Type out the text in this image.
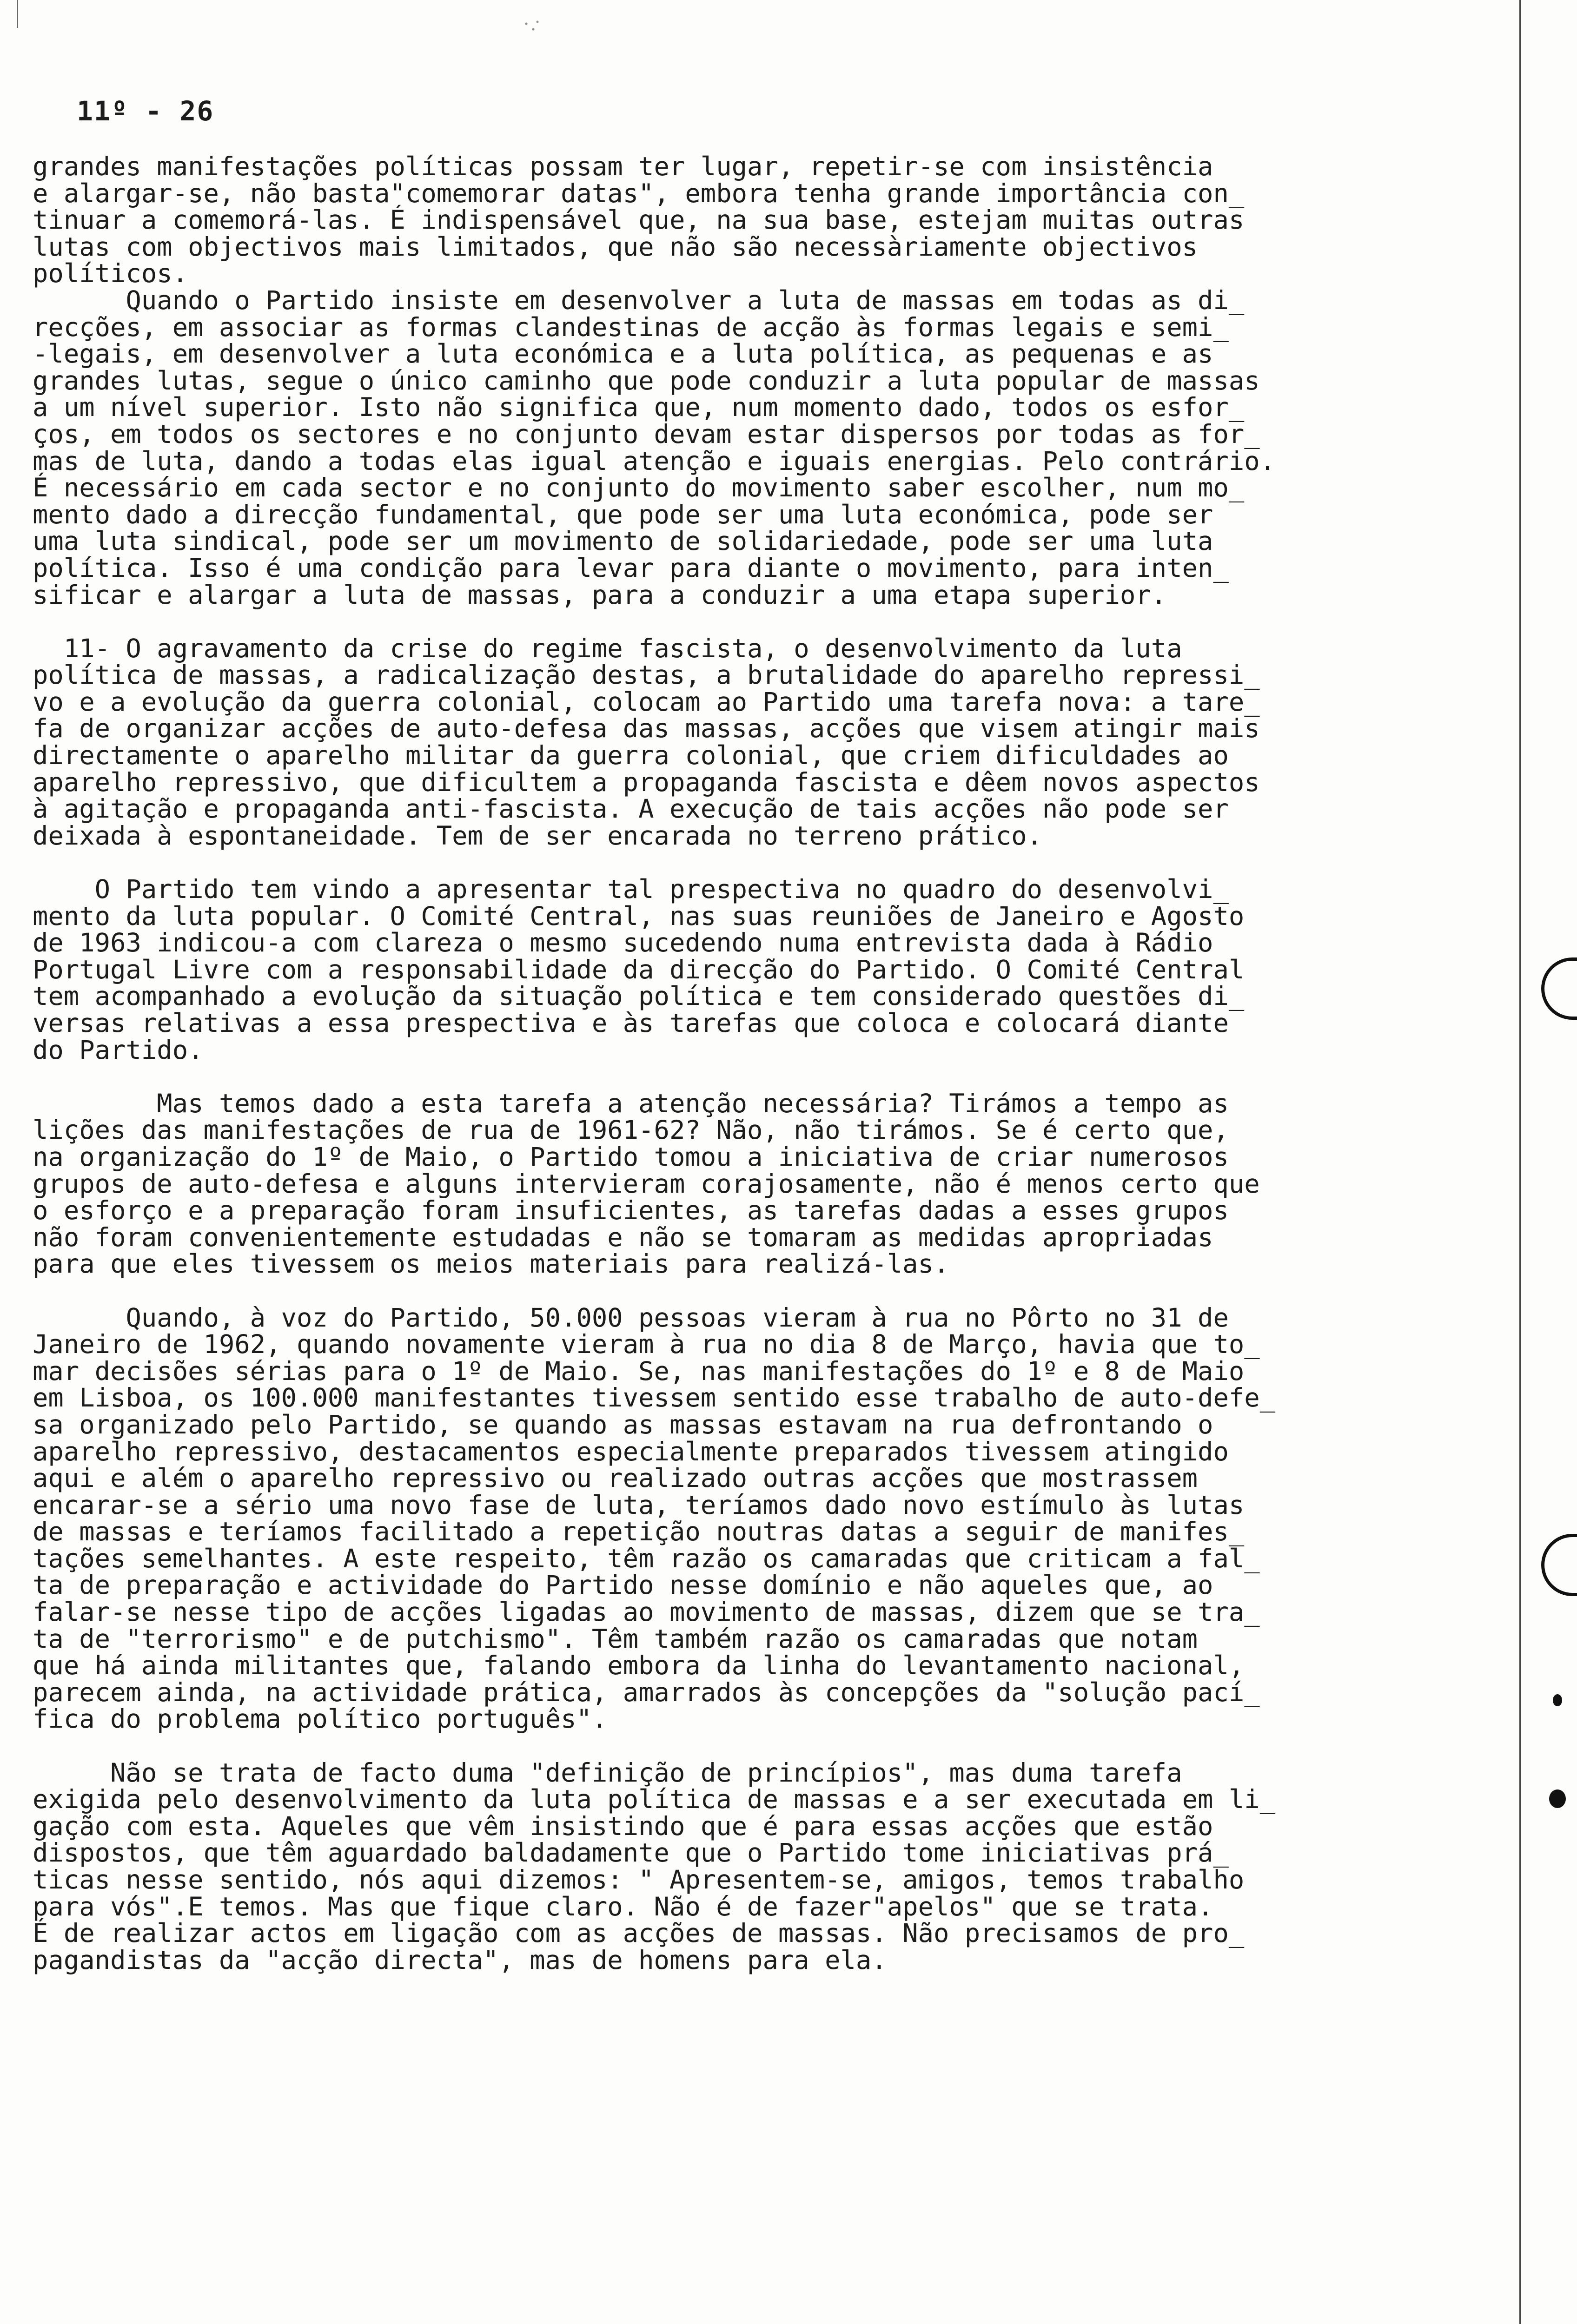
11º - 26
grandes manifestações políticas possam ter lugar, repetir-se com insistência
e alargar-se, não basta"comemorar datas", embora tenha grande importância con_
tinuar a comemorá-las. É indispensável que, na sua base, estejam muitas outras
lutas com objectivos mais limitados, que não são necessàriamente objectivos
políticos.
Quando o Partido insiste em desenvolver a luta de massas em todas as di_
recções, em associar as formas clandestinas de acção às formas legais e semi_
-legais, em desenvolver a luta económica e a luta política, as pequenas e as
grandes lutas, segue o único caminho que pode conduzir a luta popular de massas
a um nível superior. Isto não significa que, num momento dado, todos os esfor_
ços, em todos os sectores e no conjunto devam estar dispersos por todas as for_
mas de luta, dando a todas elas igual atenção e iguais energias. Pelo contrário.
É necessário em cada sector e no conjunto do movimento saber escolher, num mo_
mento dado a direcção fundamental, que pode ser uma luta económica, pode ser
uma luta sindical, pode ser um movimento de solidariedade, pode ser uma luta
política. Isso é uma condição para levar para diante o movimento, para inten_
sificar e alargar a luta de massas, para a conduzir a uma etapa superior.
11- O agravamento da crise do regime fascista, o desenvolvimento da luta
política de massas, a radicalização destas, a brutalidade do aparelho repressi_
vo e a evolução da guerra colonial, colocam ao Partido uma tarefa nova: a tare_
fa de organizar acções de auto-defesa das massas, acções que visem atingir mais
directamente o aparelho militar da guerra colonial, que criem dificuldades ao
aparelho repressivo, que dificultem a propaganda fascista e dêem novos aspectos
à agitação e propaganda anti-fascista. A execução de tais acções não pode ser
deixada à espontaneidade. Tem de ser encarada no terreno prático.
O Partido tem vindo a apresentar tal prespectiva no quadro do desenvolvi_
mento da luta popular. O Comité Central, nas suas reuniões de Janeiro e Agosto
de 1963 indicou-a com clareza o mesmo sucedendo numa entrevista dada à Rádio
Portugal Livre com a responsabilidade da direcção do Partido. O Comité Central
tem acompanhado a evolução da situação política e tem considerado questões di_
versas relativas a essa prespectiva e às tarefas que coloca e colocará diante
do Partido.
Mas temos dado a esta tarefa a atenção necessária? Tirámos a tempo as
lições das manifestações de rua de 1961-62? Não, não tirámos. Se é certo que,
na organização do 1º de Maio, o Partido tomou a iniciativa de criar numerosos
grupos de auto-defesa e alguns intervieram corajosamente, não é menos certo que
o esforço e a preparação foram insuficientes, as tarefas dadas a esses grupos
não foram convenientemente estudadas e não se tomaram as medidas apropriadas
para que eles tivessem os meios materiais para realizá-las.
Quando, à voz do Partido, 50.000 pessoas vieram à rua no Pôrto no 31 de
Janeiro de 1962, quando novamente vieram à rua no dia 8 de Março, havia que to_
mar decisões sérias para o 1º de Maio. Se, nas manifestações do 1º e 8 de Maio
em Lisboa, os 100.000 manifestantes tivessem sentido esse trabalho de auto-defe_
sa organizado pelo Partido, se quando as massas estavam na rua defrontando o
aparelho repressivo, destacamentos especialmente preparados tivessem atingido
aqui e além o aparelho repressivo ou realizado outras acções que mostrassem
encarar-se a sério uma novo fase de luta, teríamos dado novo estímulo às lutas
de massas e teríamos facilitado a repetição noutras datas a seguir de manifes_
tações semelhantes. A este respeito, têm razão os camaradas que criticam a fal_
ta de preparação e actividade do Partido nesse domínio e não aqueles que, ao
falar-se nesse tipo de acções ligadas ao movimento de massas, dizem que se tra_
ta de "terrorismo" e de putchismo". Têm também razão os camaradas que notam
que há ainda militantes que, falando embora da linha do levantamento nacional,
parecem ainda, na actividade prática, amarrados às concepções da "solução pací_
fica do problema político português".
Não se trata de facto duma "definição de princípios", mas duma tarefa
exigida pelo desenvolvimento da luta política de massas e a ser executada em li_
gação com esta. Aqueles que vêm insistindo que é para essas acções que estão
dispostos, que têm aguardado baldadamente que o Partido tome iniciativas prá_
ticas nesse sentido, nós aqui dizemos: " Apresentem-se, amigos, temos trabalho
para vós".E temos. Mas que fique claro. Não é de fazer"apelos" que se trata.
É de realizar actos em ligação com as acções de massas. Não precisamos de pro_
pagandistas da "acção directa", mas de homens para ela.
